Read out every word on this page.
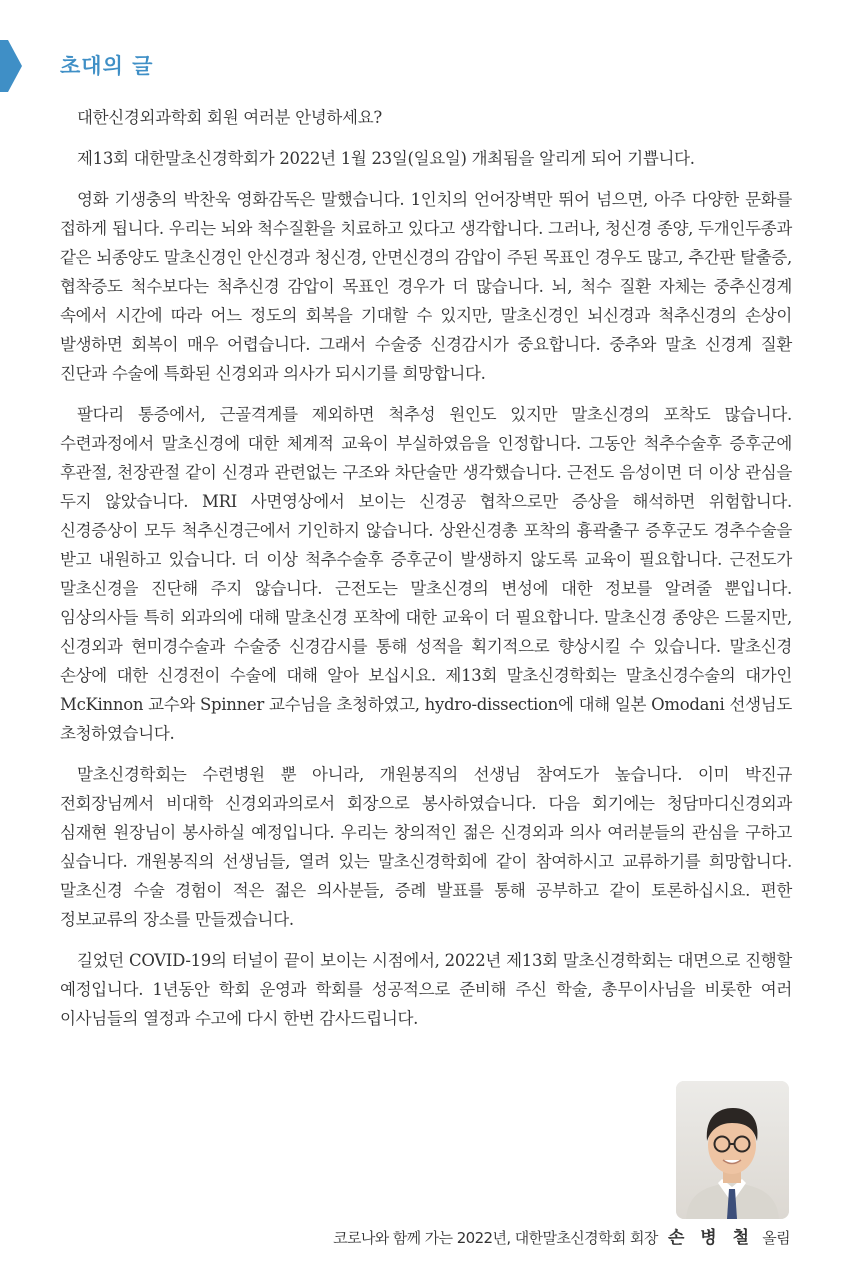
초대의 글

대한신경외과학회 회원 여러분 안녕하세요?

제13회 대한말초신경학회가 2022년 1월 23일(일요일) 개최됨을 알리게 되어 기쁩니다.

영화 기생충의 박찬욱 영화감독은 말했습니다. 1인치의 언어장벽만 뛰어 넘으면, 아주 다양한 문화를 접하게 됩니다. 우리는 뇌와 척수질환을 치료하고 있다고 생각합니다. 그러나, 청신경 종양, 두개인두종과 같은 뇌종양도 말초신경인 안신경과 청신경, 안면신경의 감압이 주된 목표인 경우도 많고, 추간판 탈출증, 협착증도 척수보다는 척추신경 감압이 목표인 경우가 더 많습니다. 뇌, 척수 질환 자체는 중추신경계 속에서 시간에 따라 어느 정도의 회복을 기대할 수 있지만, 말초신경인 뇌신경과 척추신경의 손상이 발생하면 회복이 매우 어렵습니다. 그래서 수술중 신경감시가 중요합니다. 중추와 말초 신경계 질환 진단과 수술에 특화된 신경외과 의사가 되시기를 희망합니다.

팔다리 통증에서, 근골격계를 제외하면 척추성 원인도 있지만 말초신경의 포착도 많습니다. 수련과정에서 말초신경에 대한 체계적 교육이 부실하였음을 인정합니다. 그동안 척추수술후 증후군에 후관절, 천장관절 같이 신경과 관련없는 구조와 차단술만 생각했습니다. 근전도 음성이면 더 이상 관심을 두지 않았습니다. MRI 사면영상에서 보이는 신경공 협착으로만 증상을 해석하면 위험합니다. 신경증상이 모두 척추신경근에서 기인하지 않습니다. 상완신경총 포착의 흉곽출구 증후군도 경추수술을 받고 내원하고 있습니다. 더 이상 척추수술후 증후군이 발생하지 않도록 교육이 필요합니다. 근전도가 말초신경을 진단해 주지 않습니다. 근전도는 말초신경의 변성에 대한 정보를 알려줄 뿐입니다. 임상의사들 특히 외과의에 대해 말초신경 포착에 대한 교육이 더 필요합니다. 말초신경 종양은 드물지만, 신경외과 현미경수술과 수술중 신경감시를 통해 성적을 획기적으로 향상시킬 수 있습니다. 말초신경 손상에 대한 신경전이 수술에 대해 알아 보십시요. 제13회 말초신경학회는 말초신경수술의 대가인 McKinnon 교수와 Spinner 교수님을 초청하였고, hydro-dissection에 대해 일본 Omodani 선생님도 초청하였습니다.

말초신경학회는 수련병원 뿐 아니라, 개원봉직의 선생님 참여도가 높습니다. 이미 박진규 전회장님께서 비대학 신경외과의로서 회장으로 봉사하였습니다. 다음 회기에는 청담마디신경외과 심재현 원장님이 봉사하실 예정입니다. 우리는 창의적인 젊은 신경외과 의사 여러분들의 관심을 구하고 싶습니다. 개원봉직의 선생님들, 열려 있는 말초신경학회에 같이 참여하시고 교류하기를 희망합니다. 말초신경 수술 경험이 적은 젊은 의사분들, 증례 발표를 통해 공부하고 같이 토론하십시요. 편한 정보교류의 장소를 만들겠습니다.

길었던 COVID-19의 터널이 끝이 보이는 시점에서, 2022년 제13회 말초신경학회는 대면으로 진행할 예정입니다. 1년동안 학회 운영과 학회를 성공적으로 준비해 주신 학술, 총무이사님을 비롯한 여러 이사님들의 열정과 수고에 다시 한번 감사드립니다.

코로나와 함께 가는 2022년, 대한말초신경학회 회장 손 병 철 올림
